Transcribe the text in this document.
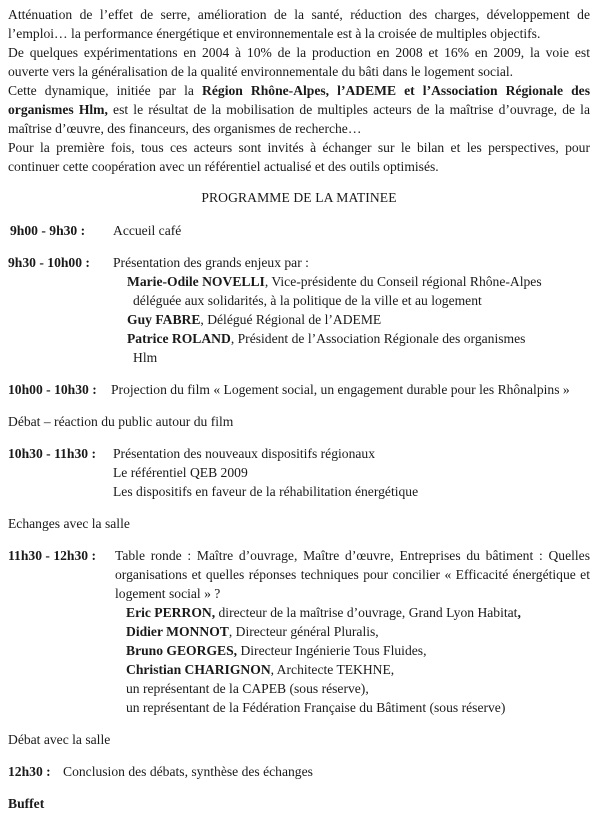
Atténuation de l’effet de serre, amélioration de la santé, réduction des charges, développement de l’emploi… la performance énergétique et environnementale est à la croisée de multiples objectifs.

De quelques expérimentations en 2004 à 10% de la production en 2008 et 16% en 2009, la voie est ouverte vers la généralisation de la qualité environnementale du bâti dans le logement social.

Cette dynamique, initiée par la Région Rhône-Alpes, l’ADEME et l’Association Régionale des organismes Hlm, est le résultat de la mobilisation de multiples acteurs de la maîtrise d’ouvrage, de la maîtrise d’œuvre, des financeurs, des organismes de recherche…

Pour la première fois, tous ces acteurs sont invités à échanger sur le bilan et les perspectives, pour continuer cette coopération avec un référentiel actualisé et des outils optimisés.

PROGRAMME DE LA MATINEE
9h00 - 9h30 :	Accueil café
9h30 - 10h00 :	Présentation des grands enjeux par :
Marie-Odile NOVELLI, Vice-présidente du Conseil régional Rhône-Alpes
déléguée aux solidarités, à la politique de la ville et au logement
Guy FABRE, Délégué Régional de l’ADEME
Patrice ROLAND, Président de l’Association Régionale des organismes
Hlm
10h00 - 10h30 :	Projection du film « Logement social, un engagement durable pour les Rhônalpins »
Débat – réaction du public autour du film
10h30 - 11h30 :	Présentation des nouveaux dispositifs régionaux
Le référentiel QEB 2009
Les dispositifs en faveur de la réhabilitation énergétique
Echanges avec la salle
11h30 - 12h30 :	Table ronde : Maître d’ouvrage, Maître d’œuvre, Entreprises du bâtiment : Quelles organisations et quelles réponses techniques pour concilier « Efficacité énergétique et logement social » ?
Eric PERRON, directeur de la maîtrise d’ouvrage, Grand Lyon Habitat,
Didier MONNOT, Directeur général Pluralis,
Bruno GEORGES, Directeur Ingénierie Tous Fluides,
Christian CHARIGNON, Architecte TEKHNE,
un représentant de la CAPEB (sous réserve),
un représentant de la Fédération Française du Bâtiment (sous réserve)
Débat avec la salle
12h30 : Conclusion des débats, synthèse des échanges
Buffet
